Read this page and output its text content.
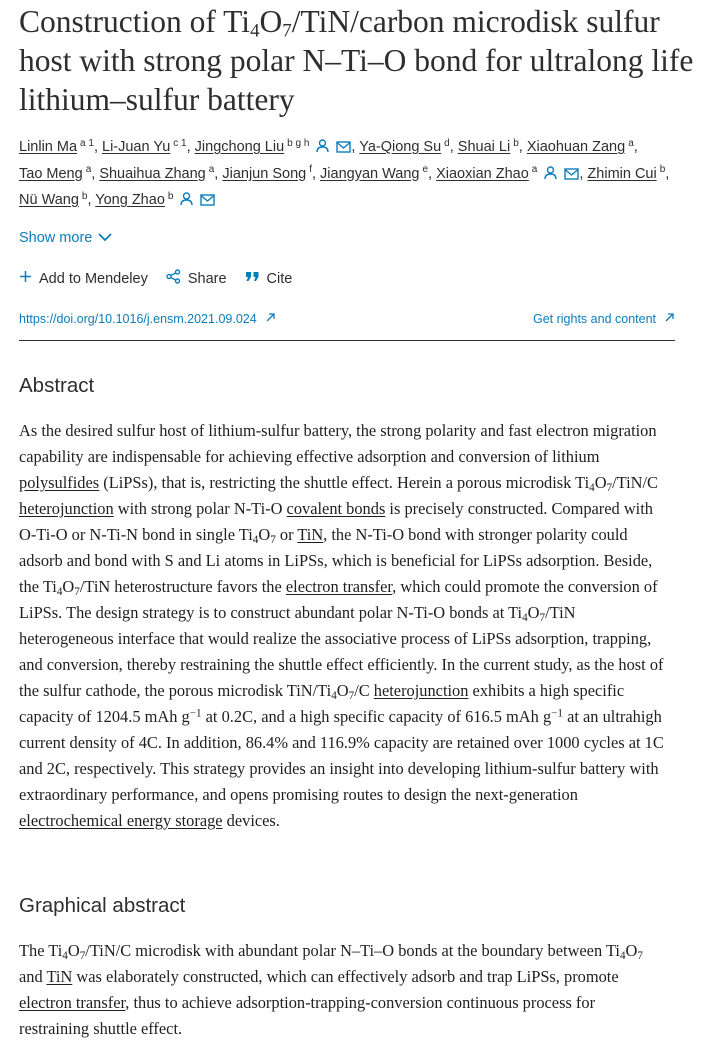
Construction of $Ti_4O_7/TiN$/carbon microdisk sulfur host with strong polar N–Ti–O bond for ultralong life lithium–sulfur battery
Linlin Ma $^{a 1}$, Li-Juan Yu $^{c 1}$, Jingchong Liu $^{b g h}$	, Ya-Qiong Su $^d$, Shuai Li $^b$, Xiaohuan Zang $^a$, Tao Meng $^a$, Shuaihua Zhang $^a$, Jianjun Song $^f$, Jiangyan Wang $^e$, Xiaoxian Zhao $^a$	, Zhimin Cui $^b$, Nü Wang $^b$, Yong Zhao $^b$
Show more
Add to Mendeley	Share	Cite
https://doi.org/10.1016/j.ensm.2021.09.024	Get rights and content
Abstract

As the desired sulfur host of lithium-sulfur battery, the strong polarity and fast electron migration capability are indispensable for achieving effective adsorption and conversion of lithium polysulfides (LiPSs), that is, restricting the shuttle effect. Herein a porous microdisk $Ti_4O_7/TiN/C$ heterojunction with strong polar N-Ti-O covalent bonds is precisely constructed. Compared with O-Ti-O or N-Ti-N bond in single $Ti_4O_7$ or TiN, the N-Ti-O bond with stronger polarity could adsorb and bond with S and Li atoms in LiPSs, which is beneficial for LiPSs adsorption. Beside, the $Ti_4O_7$/TiN heterostructure favors the electron transfer, which could promote the conversion of LiPSs. The design strategy is to construct abundant polar N-Ti-O bonds at $Ti_4O_7$/TiN heterogeneous interface that would realize the associative process of LiPSs adsorption, trapping, and conversion, thereby restraining the shuttle effect efficiently. In the current study, as the host of the sulfur cathode, the porous microdisk TiN/$Ti_4O_7/C$ heterojunction exhibits a high specific capacity of 1204.5 mAh $g^{-1}$ at 0.2C, and a high specific capacity of 616.5 mAh $g^{-1}$ at an ultrahigh current density of 4C. In addition, 86.4% and 116.9% capacity are retained over 1000 cycles at 1C and 2C, respectively. This strategy provides an insight into developing lithium-sulfur battery with extraordinary performance, and opens promising routes to design the next-generation electrochemical energy storage devices.

Graphical abstract

The $Ti_4O_7/TiN/C$ microdisk with abundant polar N–Ti–O bonds at the boundary between $Ti_4O_7$ and TiN was elaborately constructed, which can effectively adsorb and trap LiPSs, promote electron transfer, thus to achieve adsorption-trapping-conversion continuous process for restraining shuttle effect.
